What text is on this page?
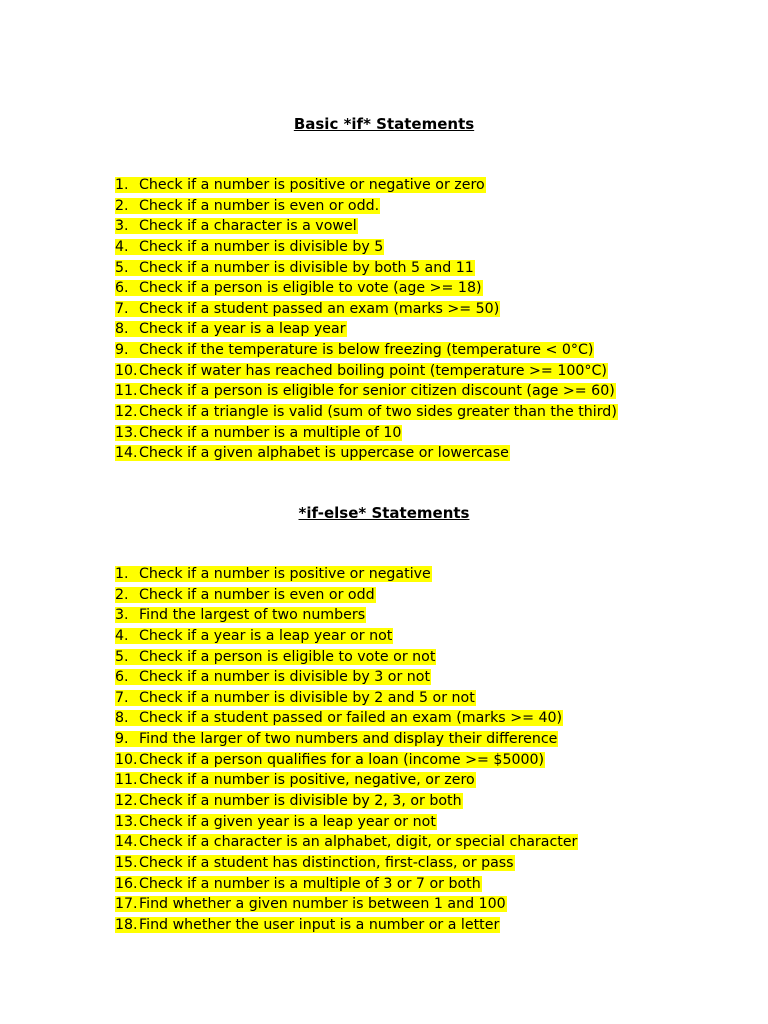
Basic *if* Statements
1. Check if a number is positive or negative or zero
2. Check if a number is even or odd.
3. Check if a character is a vowel
4. Check if a number is divisible by 5
5. Check if a number is divisible by both 5 and 11
6. Check if a person is eligible to vote (age >= 18)
7. Check if a student passed an exam (marks >= 50)
8. Check if a year is a leap year
9. Check if the temperature is below freezing (temperature < 0°C)
10.Check if water has reached boiling point (temperature >= 100°C)
11.Check if a person is eligible for senior citizen discount (age >= 60)
12.Check if a triangle is valid (sum of two sides greater than the third)
13.Check if a number is a multiple of 10
14.Check if a given alphabet is uppercase or lowercase
*if-else* Statements
1. Check if a number is positive or negative
2. Check if a number is even or odd
3. Find the largest of two numbers
4. Check if a year is a leap year or not
5. Check if a person is eligible to vote or not
6. Check if a number is divisible by 3 or not
7. Check if a number is divisible by 2 and 5 or not
8. Check if a student passed or failed an exam (marks >= 40)
9. Find the larger of two numbers and display their difference
10.Check if a person qualifies for a loan (income >= $5000)
11.Check if a number is positive, negative, or zero
12.Check if a number is divisible by 2, 3, or both
13.Check if a given year is a leap year or not
14.Check if a character is an alphabet, digit, or special character
15.Check if a student has distinction, first-class, or pass
16.Check if a number is a multiple of 3 or 7 or both
17.Find whether a given number is between 1 and 100
18.Find whether the user input is a number or a letter
